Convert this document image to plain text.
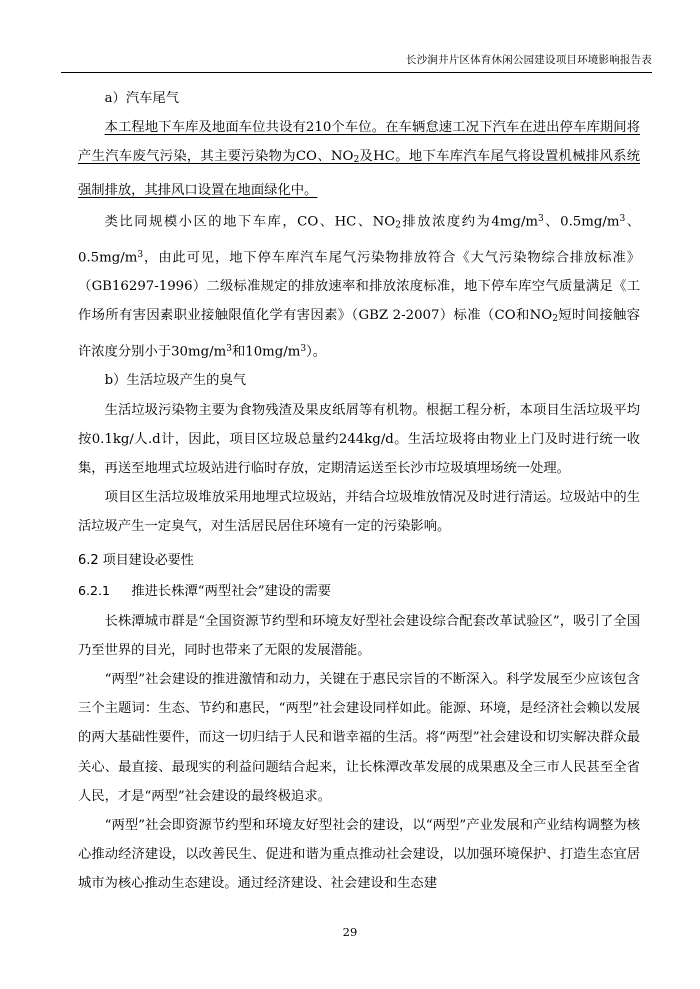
长沙涧井片区体育休闲公园建设项目环境影响报告表

a）汽车尾气

本工程地下车库及地面车位共设有210个车位。在车辆怠速工况下汽车在进出停车库期间将产生汽车废气污染，其主要污染物为CO、$NO_2$及HC。地下车库汽车尾气将设置机械排风系统强制排放，其排风口设置在地面绿化中。

类比同规模小区的地下车库，CO、HC、$NO_2$排放浓度约为$4mg/m^3$、$0.5mg/m^3$、$0.5mg/m^3$，由此可见，地下停车库汽车尾气污染物排放符合《大气污染物综合排放标准》（GB16297-1996）二级标准规定的排放速率和排放浓度标准，地下停车库空气质量满足《工作场所有害因素职业接触限值化学有害因素》（GBZ 2-2007）标准（CO和$NO_2$短时间接触容许浓度分别小于$30mg/m^3$和$10mg/m^3$）。

b）生活垃圾产生的臭气

生活垃圾污染物主要为食物残渣及果皮纸屑等有机物。根据工程分析，本项目生活垃圾平均按0.1kg/人.d计，因此，项目区垃圾总量约244kg/d。生活垃圾将由物业上门及时进行统一收集，再送至地埋式垃圾站进行临时存放，定期清运送至长沙市垃圾填埋场统一处理。

项目区生活垃圾堆放采用地埋式垃圾站，并结合垃圾堆放情况及时进行清运。垃圾站中的生活垃圾产生一定臭气，对生活居民居住环境有一定的污染影响。

6.2 项目建设必要性

6.2.1 推进长株潭“两型社会”建设的需要

长株潭城市群是“全国资源节约型和环境友好型社会建设综合配套改革试验区”，吸引了全国乃至世界的目光，同时也带来了无限的发展潜能。

“两型”社会建设的推进激情和动力，关键在于惠民宗旨的不断深入。科学发展至少应该包含三个主题词：生态、节约和惠民，“两型”社会建设同样如此。能源、环境，是经济社会赖以发展的两大基础性要件，而这一切归结于人民和谐幸福的生活。将“两型”社会建设和切实解决群众最关心、最直接、最现实的利益问题结合起来，让长株潭改革发展的成果惠及全三市人民甚至全省人民，才是“两型”社会建设的最终极追求。

“两型”社会即资源节约型和环境友好型社会的建设，以“两型”产业发展和产业结构调整为核心推动经济建设，以改善民生、促进和谐为重点推动社会建设，以加强环境保护、打造生态宜居城市为核心推动生态建设。通过经济建设、社会建设和生态建

29
